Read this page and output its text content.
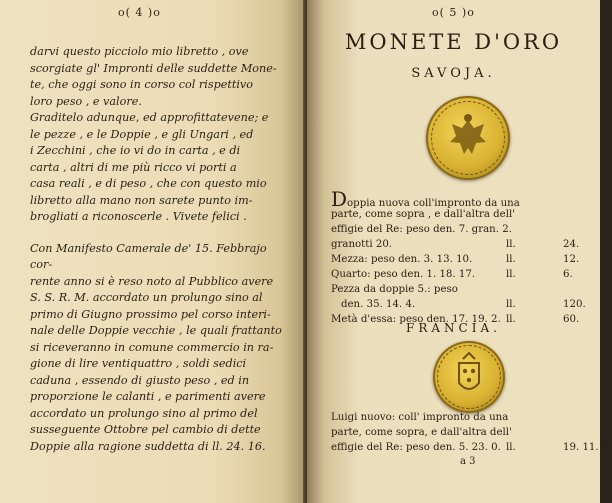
o( 4 )o

darvi questo picciolo mio libretto , ove

scorgiate gl' Impronti delle suddette Mone-

te, che oggi sono in corso col rispettivo

loro peso , e valore.

Graditelo adunque, ed approfittatevene; e

le pezze , e le Doppie , e gli Ungari , ed

i Zecchini , che io vi do in carta , e di

carta , altri di me più ricco vi porti a

casa reali , e di peso , che con questo mio

libretto alla mano non sarete punto im-

brogliati a riconoscerle . Vivete felici .

Con Manifesto Camerale de' 15. Febbrajo cor-

rente anno si è reso noto al Pubblico avere

S. S. R. M. accordato un prolungo sino al

primo di Giugno prossimo pel corso interi-

nale delle Doppie vecchie , le quali frattanto

si riceveranno in comune commercio in ra-

gione di lire ventiquattro , soldi sedici

caduna , essendo di giusto peso , ed in

proporzione le calanti , e parimenti avere

accordato un prolungo sino al primo del

susseguente Ottobre pel cambio di dette

Doppie alla ragione suddetta di ll. 24. 16.

o( 5 )o
MONETE D'ORO
SAVOJA.
Doppia nuova coll'impronto da una
parte, come sopra , e dall'altra dell'
effigie del Re: peso den. 7. gran. 2.
granotti 20.	ll.	24.
Mezza: peso den. 3. 13. 10.	ll.	12.
Quarto: peso den. 1. 18. 17.	ll.	6.
Pezza da doppie 5.: peso
den. 35. 14. 4.	ll.	120.
Metà d'essa: peso den. 17. 19. 2. ll.	60.
FRANCIA.
Luigi nuovo: coll' impronto da una
parte, come sopra, e dall'altra dell'
effigie del Re: peso den. 5. 23. 0. ll.	19. 11. 6.
a 3
